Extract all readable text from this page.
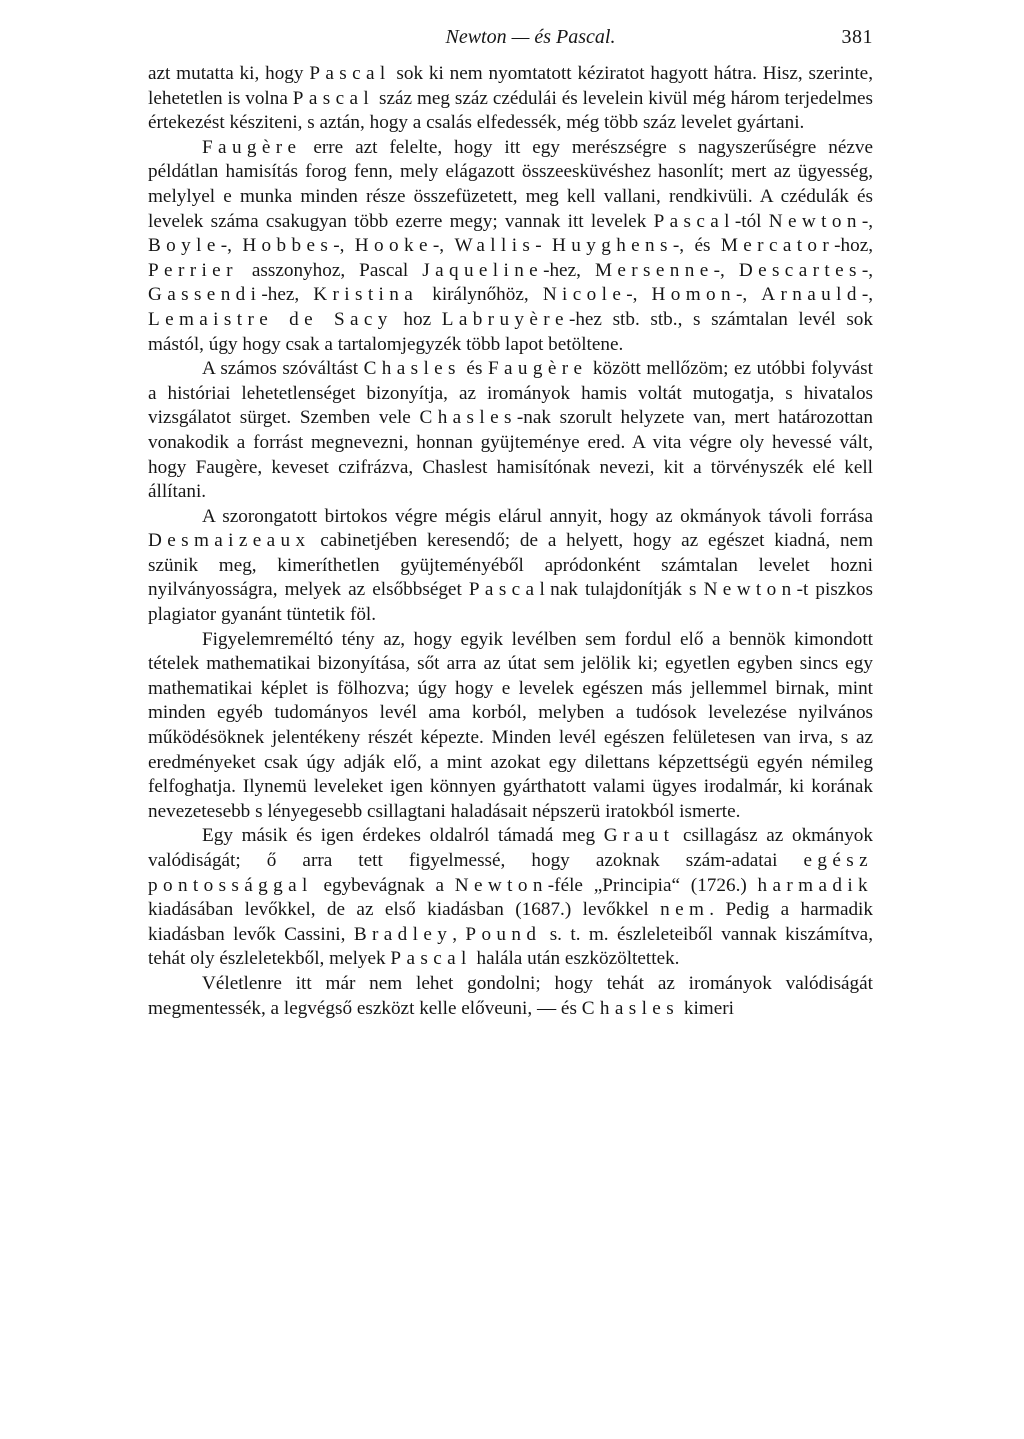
Newton — és Pascal.	381

azt mutatta ki, hogy Pascal sok ki nem nyomtatott kéziratot hagyott hátra. Hisz, szerinte, lehetetlen is volna Pascal száz meg száz czédulái és levelein kivül még három terjedelmes értekezést késziteni, s aztán, hogy a csalás elfedessék, még több száz levelet gyártani.

Faugère erre azt felelte, hogy itt egy merészségre s nagyszerűségre nézve példátlan hamisítás forog fenn, mely elágazott összeesküvéshez hasonlít; mert az ügyesség, melylyel e munka minden része összefüzetett, meg kell vallani, rendkivüli. A czédulák és levelek száma csakugyan több ezerre megy; vannak itt levelek Pascal-tól Newton-, Boyle-, Hobbes-, Hooke-, Wallis- Huyghens-, és Mercator-hoz, Perrier asszonyhoz, Pascal Jaqueline-hez, Mersenne-, Descartes-, Gassendi-hez, Kristina királynőhöz, Nicole-, Homon-, Arnauld-, Lemaistre de Sacy hoz Labruyère-hez stb. stb., s számtalan levél sok mástól, úgy hogy csak a tartalomjegyzék több lapot betöltene.

A számos szóváltást Chasles és Faugère között mellőzöm; ez utóbbi folyvást a históriai lehetetlenséget bizonyítja, az irományok hamis voltát mutogatja, s hivatalos vizsgálatot sürget. Szemben vele Chasles-nak szorult helyzete van, mert határozottan vonakodik a forrást megnevezni, honnan gyüjteménye ered. A vita végre oly hevessé vált, hogy Faugère, keveset czifrázva, Chaslest hamisítónak nevezi, kit a törvényszék elé kell állítani.

A szorongatott birtokos végre mégis elárul annyit, hogy az okmányok távoli forrása Desmaizeaux cabinetjében keresendő; de a helyett, hogy az egészet kiadná, nem szünik meg, kimeríthetlen gyüjteményéből apródonként számtalan levelet hozni nyilványosságra, melyek az elsőbbséget Pascalnak tulajdonítják s Newton-t piszkos plagiator gyanánt tüntetik föl.

Figyelemreméltó tény az, hogy egyik levélben sem fordul elő a bennök kimondott tételek mathematikai bizonyítása, sőt arra az útat sem jelölik ki; egyetlen egyben sincs egy mathematikai képlet is fölhozva; úgy hogy e levelek egészen más jellemmel birnak, mint minden egyéb tudományos levél ama korból, melyben a tudósok levelezése nyilvános működésöknek jelentékeny részét képezte. Minden levél egészen felületesen van irva, s az eredményeket csak úgy adják elő, a mint azokat egy dilettans képzettségü egyén némileg felfoghatja. Ilynemü leveleket igen könnyen gyárthatott valami ügyes irodalmár, ki korának nevezetesebb s lényegesebb csillagtani haladásait népszerü iratokból ismerte.

Egy másik és igen érdekes oldalról támadá meg Graut csillagász az okmányok valódiságát; ő arra tett figyelmessé, hogy azoknak szám-adatai egész pontossággal egybevágnak a Newton-féle „Principia“ (1726.) harmadik kiadásában levőkkel, de az első kiadásban (1687.) levőkkel nem. Pedig a harmadik kiadásban levők Cassini, Bradley, Pound s. t. m. észleleteiből vannak kiszámítva, tehát oly észleletekből, melyek Pascal halála után eszközöltettek.

Véletlenre itt már nem lehet gondolni; hogy tehát az irományok valódiságát megmentessék, a legvégső eszközt kelle előveuni, — és Chasles kimeri
